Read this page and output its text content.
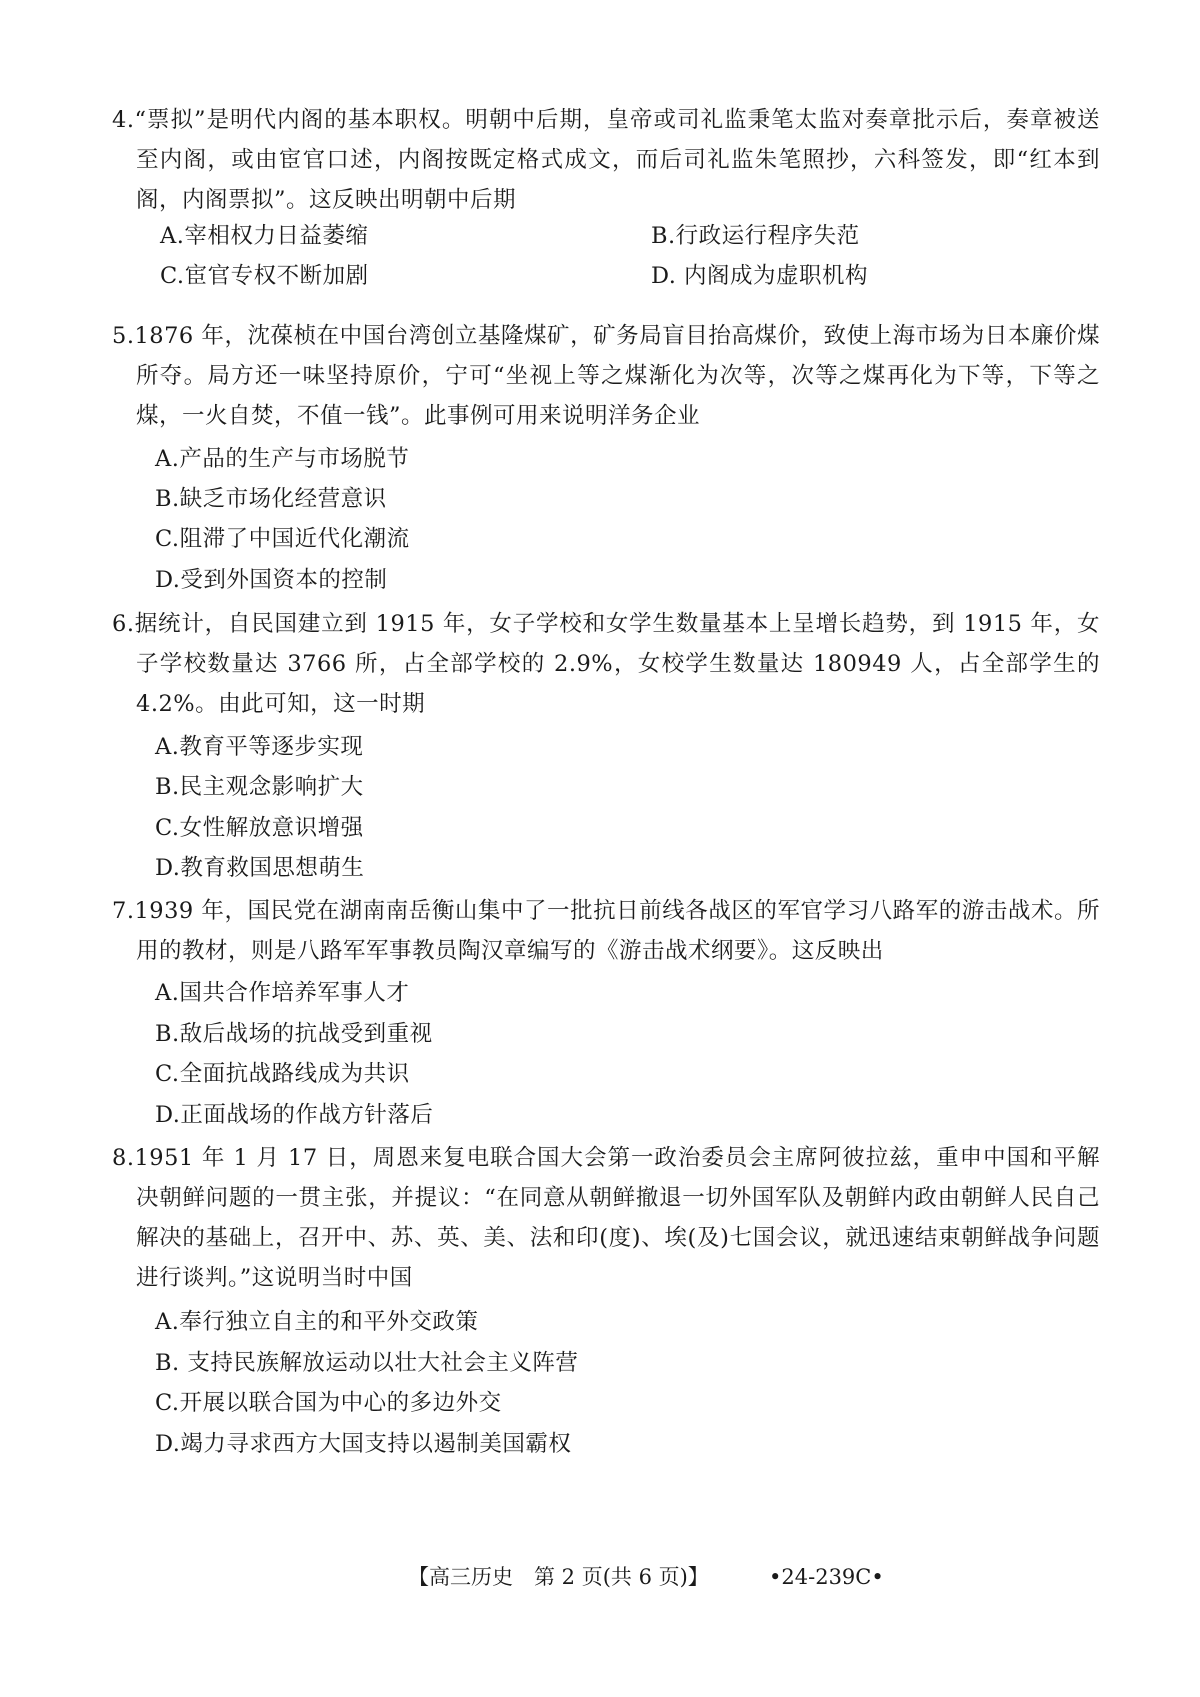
4.“票拟”是明代内阁的基本职权。明朝中后期，皇帝或司礼监秉笔太监对奏章批示后，奏章被送至内阁，或由宦官口述，内阁按既定格式成文，而后司礼监朱笔照抄，六科签发，即“红本到阁，内阁票拟”。这反映出明朝中后期
A.宰相权力日益萎缩	B.行政运行程序失范
C.宦官专权不断加剧	D. 内阁成为虚职机构
5.1876 年，沈葆桢在中国台湾创立基隆煤矿，矿务局盲目抬高煤价，致使上海市场为日本廉价煤所夺。局方还一味坚持原价，宁可“坐视上等之煤渐化为次等，次等之煤再化为下等，下等之煤，一火自焚，不值一钱”。此事例可用来说明洋务企业
A.产品的生产与市场脱节
B.缺乏市场化经营意识
C.阻滞了中国近代化潮流
D.受到外国资本的控制
6.据统计，自民国建立到 1915 年，女子学校和女学生数量基本上呈增长趋势，到 1915 年，女子学校数量达 3766 所，占全部学校的 2.9%，女校学生数量达 180949 人，占全部学生的 4.2%。由此可知，这一时期
A.教育平等逐步实现
B.民主观念影响扩大
C.女性解放意识增强
D.教育救国思想萌生
7.1939 年，国民党在湖南南岳衡山集中了一批抗日前线各战区的军官学习八路军的游击战术。所用的教材，则是八路军军事教员陶汉章编写的《游击战术纲要》。这反映出
A.国共合作培养军事人才
B.敌后战场的抗战受到重视
C.全面抗战路线成为共识
D.正面战场的作战方针落后
8.1951 年 1 月 17 日，周恩来复电联合国大会第一政治委员会主席阿彼拉兹，重申中国和平解决朝鲜问题的一贯主张，并提议：“在同意从朝鲜撤退一切外国军队及朝鲜内政由朝鲜人民自己解决的基础上，召开中、苏、英、美、法和印(度)、埃(及)七国会议，就迅速结束朝鲜战争问题进行谈判。”这说明当时中国
A.奉行独立自主的和平外交政策
B. 支持民族解放运动以壮大社会主义阵营
C.开展以联合国为中心的多边外交
D.竭力寻求西方大国支持以遏制美国霸权
【高三历史　第 2 页(共 6 页)】	•24-239C•
